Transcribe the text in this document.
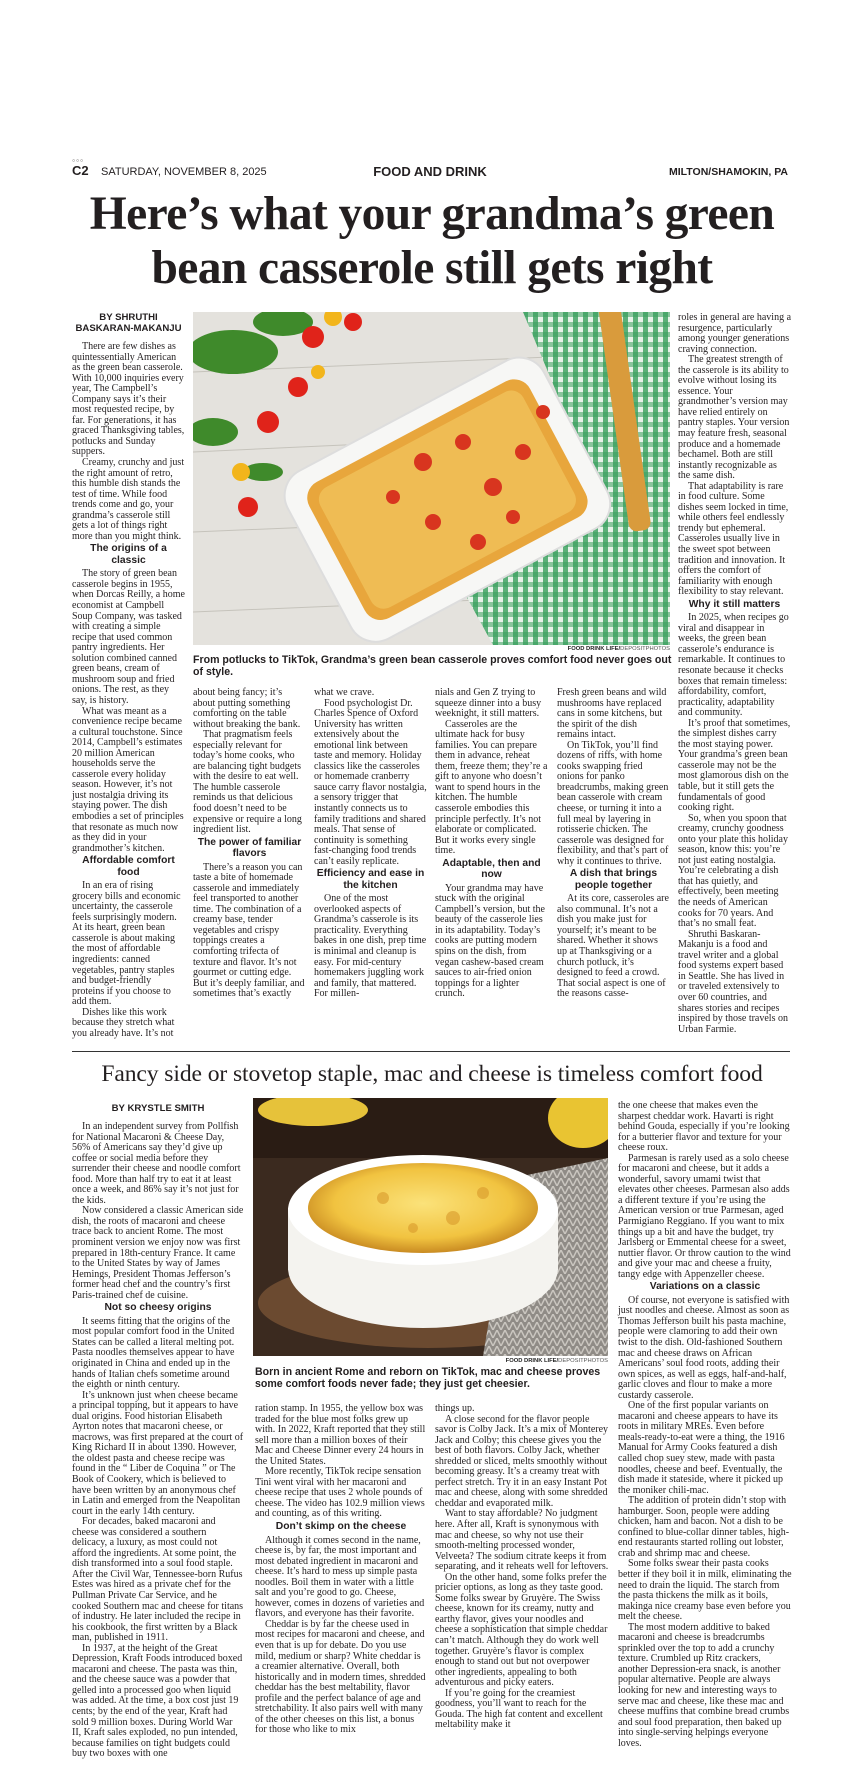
○○○
C2 SATURDAY, NOVEMBER 8, 2025	FOOD AND DRINK	MILTON/SHAMOKIN, PA
Here’s what your grandma’s green
bean casserole still gets right
FOOD DRINK LIFE/DEPOSITPHOTOS
From potlucks to TikTok, Grandma’s green bean casserole proves comfort food never goes out of style.
BY SHRUTHI BASKARAN-MAKANJU

There are few dishes as quintessentially American as the green bean casserole. With 10,000 inquiries every year, The Campbell’s Company says it’s their most requested recipe, by far. For generations, it has graced Thanksgiving tables, potlucks and Sunday suppers.

Creamy, crunchy and just the right amount of retro, this humble dish stands the test of time. While food trends come and go, your grandma’s casserole still gets a lot of things right more than you might think.

The origins of a classic

The story of green bean casserole begins in 1955, when Dorcas Reilly, a home economist at Campbell Soup Company, was tasked with creating a simple recipe that used common pantry ingredients. Her solution combined canned green beans, cream of mushroom soup and fried onions. The rest, as they say, is history.

What was meant as a convenience recipe became a cultural touchstone. Since 2014, Campbell’s estimates 20 million American households serve the casserole every holiday season. However, it’s not just nostalgia driving its staying power. The dish embodies a set of principles that resonate as much now as they did in your grandmother’s kitchen.

Affordable comfort food

In an era of rising grocery bills and economic uncertainty, the casserole feels surprisingly modern. At its heart, green bean casserole is about making the most of affordable ingredients: canned vegetables, pantry staples and budget-friendly proteins if you choose to add them.

Dishes like this work because they stretch what you already have. It’s not

about being fancy; it’s about putting something comforting on the table without breaking the bank.

That pragmatism feels especially relevant for today’s home cooks, who are balancing tight budgets with the desire to eat well. The humble casserole reminds us that delicious food doesn’t need to be expensive or require a long ingredient list.

The power of familiar flavors

There’s a reason you can taste a bite of homemade casserole and immediately feel transported to another time. The combination of a creamy base, tender vegetables and crispy toppings creates a comforting trifecta of texture and flavor. It’s not gourmet or cutting edge. But it’s deeply familiar, and sometimes that’s exactly

what we crave.

Food psychologist Dr. Charles Spence of Oxford University has written extensively about the emotional link between taste and memory. Holiday classics like the casseroles or homemade cranberry sauce carry flavor nostalgia, a sensory trigger that instantly connects us to family traditions and shared meals. That sense of continuity is something fast-changing food trends can’t easily replicate.

Efficiency and ease in the kitchen

One of the most overlooked aspects of Grandma’s casserole is its practicality. Everything bakes in one dish, prep time is minimal and cleanup is easy. For mid-century homemakers juggling work and family, that mattered. For millen-

nials and Gen Z trying to squeeze dinner into a busy weeknight, it still matters.

Casseroles are the ultimate hack for busy families. You can prepare them in advance, reheat them, freeze them; they’re a gift to anyone who doesn’t want to spend hours in the kitchen. The humble casserole embodies this principle perfectly. It’s not elaborate or complicated. But it works every single time.

Adaptable, then and now

Your grandma may have stuck with the original Campbell’s version, but the beauty of the casserole lies in its adaptability. Today’s cooks are putting modern spins on the dish, from vegan cashew-based cream sauces to air-fried onion toppings for a lighter crunch.

Fresh green beans and wild mushrooms have replaced cans in some kitchens, but the spirit of the dish remains intact.

On TikTok, you’ll find dozens of riffs, with home cooks swapping fried onions for panko breadcrumbs, making green bean casserole with cream cheese, or turning it into a full meal by layering in rotisserie chicken. The casserole was designed for flexibility, and that’s part of why it continues to thrive.

A dish that brings people together

At its core, casseroles are also communal. It’s not a dish you make just for yourself; it’s meant to be shared. Whether it shows up at Thanksgiving or a church potluck, it’s designed to feed a crowd. That social aspect is one of the reasons casse-

roles in general are having a resurgence, particularly among younger generations craving connection.

The greatest strength of the casserole is its ability to evolve without losing its essence. Your grandmother’s version may have relied entirely on pantry staples. Your version may feature fresh, seasonal produce and a homemade bechamel. Both are still instantly recognizable as the same dish.

That adaptability is rare in food culture. Some dishes seem locked in time, while others feel endlessly trendy but ephemeral. Casseroles usually live in the sweet spot between tradition and innovation. It offers the comfort of familiarity with enough flexibility to stay relevant.

Why it still matters

In 2025, when recipes go viral and disappear in weeks, the green bean casserole’s endurance is remarkable. It continues to resonate because it checks boxes that remain timeless: affordability, comfort, practicality, adaptability and community.

It’s proof that sometimes, the simplest dishes carry the most staying power. Your grandma’s green bean casserole may not be the most glamorous dish on the table, but it still gets the fundamentals of good cooking right.

So, when you spoon that creamy, crunchy goodness onto your plate this holiday season, know this: you’re not just eating nostalgia. You’re celebrating a dish that has quietly, and effectively, been meeting the needs of American cooks for 70 years. And that’s no small feat.

Shruthi Baskaran-Makanju is a food and travel writer and a global food systems expert based in Seattle. She has lived in or traveled extensively to over 60 countries, and shares stories and recipes inspired by those travels on Urban Farmie.

Fancy side or stovetop staple, mac and cheese is timeless comfort food
FOOD DRINK LIFE/DEPOSITPHOTOS
Born in ancient Rome and reborn on TikTok, mac and cheese proves some comfort foods never fade; they just get cheesier.
BY KRYSTLE SMITH

In an independent survey from Pollfish for National Macaroni & Cheese Day, 56% of Americans say they’d give up coffee or social media before they surrender their cheese and noodle comfort food. More than half try to eat it at least once a week, and 86% say it’s not just for the kids.

Now considered a classic American side dish, the roots of macaroni and cheese trace back to ancient Rome. The most prominent version we enjoy now was first prepared in 18th-century France. It came to the United States by way of James Hemings, President Thomas Jefferson’s former head chef and the country’s first Paris-trained chef de cuisine.

Not so cheesy origins

It seems fitting that the origins of the most popular comfort food in the United States can be called a literal melting pot. Pasta noodles themselves appear to have originated in China and ended up in the hands of Italian chefs sometime around the eighth or ninth century.

It’s unknown just when cheese became a principal topping, but it appears to have dual origins. Food historian Elisabeth Ayrton notes that macaroni cheese, or macrows, was first prepared at the court of King Richard II in about 1390. However, the oldest pasta and cheese recipe was found in the “ Liber de Coquina ” or The Book of Cookery, which is believed to have been written by an anonymous chef in Latin and emerged from the Neapolitan court in the early 14th century.

For decades, baked macaroni and cheese was considered a southern delicacy, a luxury, as most could not afford the ingredients. At some point, the dish transformed into a soul food staple. After the Civil War, Tennessee-born Rufus Estes was hired as a private chef for the Pullman Private Car Service, and he cooked Southern mac and cheese for titans of industry. He later included the recipe in his cookbook, the first written by a Black man, published in 1911.

In 1937, at the height of the Great Depression, Kraft Foods introduced boxed macaroni and cheese. The pasta was thin, and the cheese sauce was a powder that gelled into a processed goo when liquid was added. At the time, a box cost just 19 cents; by the end of the year, Kraft had sold 9 million boxes. During World War II, Kraft sales exploded, no pun intended, because families on tight budgets could buy two boxes with one

ration stamp. In 1955, the yellow box was traded for the blue most folks grew up with. In 2022, Kraft reported that they still sell more than a million boxes of their Mac and Cheese Dinner every 24 hours in the United States.

More recently, TikTok recipe sensation Tini went viral with her macaroni and cheese recipe that uses 2 whole pounds of cheese. The video has 102.9 million views and counting, as of this writing.

Don’t skimp on the cheese

Although it comes second in the name, cheese is, by far, the most important and most debated ingredient in macaroni and cheese. It’s hard to mess up simple pasta noodles. Boil them in water with a little salt and you’re good to go. Cheese, however, comes in dozens of varieties and flavors, and everyone has their favorite.

Cheddar is by far the cheese used in most recipes for macaroni and cheese, and even that is up for debate. Do you use mild, medium or sharp? White cheddar is a creamier alternative. Overall, both historically and in modern times, shredded cheddar has the best meltability, flavor profile and the perfect balance of age and stretchability. It also pairs well with many of the other cheeses on this list, a bonus for those who like to mix

things up.

A close second for the flavor people savor is Colby Jack. It’s a mix of Monterey Jack and Colby; this cheese gives you the best of both flavors. Colby Jack, whether shredded or sliced, melts smoothly without becoming greasy. It’s a creamy treat with perfect stretch. Try it in an easy Instant Pot mac and cheese, along with some shredded cheddar and evaporated milk.

Want to stay affordable? No judgment here. After all, Kraft is synonymous with mac and cheese, so why not use their smooth-melting processed wonder, Velveeta? The sodium citrate keeps it from separating, and it reheats well for leftovers.

On the other hand, some folks prefer the pricier options, as long as they taste good. Some folks swear by Gruyère. The Swiss cheese, known for its creamy, nutty and earthy flavor, gives your noodles and cheese a sophistication that simple cheddar can’t match. Although they do work well together. Gruyère’s flavor is complex enough to stand out but not overpower other ingredients, appealing to both adventurous and picky eaters.

If you’re going for the creamiest goodness, you’ll want to reach for the Gouda. The high fat content and excellent meltability make it

the one cheese that makes even the sharpest cheddar work. Havarti is right behind Gouda, especially if you’re looking for a butterier flavor and texture for your cheese roux.

Parmesan is rarely used as a solo cheese for macaroni and cheese, but it adds a wonderful, savory umami twist that elevates other cheeses. Parmesan also adds a different texture if you’re using the American version or true Parmesan, aged Parmigiano Reggiano. If you want to mix things up a bit and have the budget, try Jarlsberg or Emmental cheese for a sweet, nuttier flavor. Or throw caution to the wind and give your mac and cheese a fruity, tangy edge with Appenzeller cheese.

Variations on a classic

Of course, not everyone is satisfied with just noodles and cheese. Almost as soon as Thomas Jefferson built his pasta machine, people were clamoring to add their own twist to the dish. Old-fashioned Southern mac and cheese draws on African Americans’ soul food roots, adding their own spices, as well as eggs, half-and-half, garlic cloves and flour to make a more custardy casserole.

One of the first popular variants on macaroni and cheese appears to have its roots in military MREs. Even before meals-ready-to-eat were a thing, the 1916 Manual for Army Cooks featured a dish called chop suey stew, made with pasta noodles, cheese and beef. Eventually, the dish made it stateside, where it picked up the moniker chili-mac.

The addition of protein didn’t stop with hamburger. Soon, people were adding chicken, ham and bacon. Not a dish to be confined to blue-collar dinner tables, high-end restaurants started rolling out lobster, crab and shrimp mac and cheese.

Some folks swear their pasta cooks better if they boil it in milk, eliminating the need to drain the liquid. The starch from the pasta thickens the milk as it boils, makinga nice creamy base even before you melt the cheese.

The most modern additive to baked macaroni and cheese is breadcrumbs sprinkled over the top to add a crunchy texture. Crumbled up Ritz crackers, another Depression-era snack, is another popular alternative. People are always looking for new and interesting ways to serve mac and cheese, like these mac and cheese muffins that combine bread crumbs and soul food preparation, then baked up into single-serving helpings everyone loves.
